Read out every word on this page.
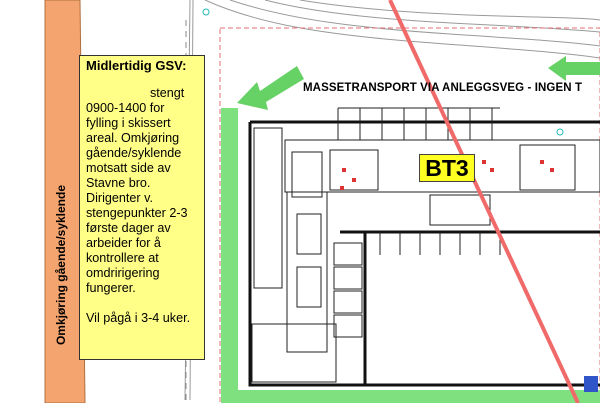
Omkjøring gående/syklende
MASSETRANSPORT VIA ANLEGGSVEG - INGEN T
BT3
Midlertidig GSV:
stengt
0900-1400 for
fylling i skissert
areal. Omkjøring
gående/syklende
motsatt side av
Stavne bro.
Dirigenter v.
stengepunkter 2-3
første dager av
arbeider for å
kontrollere at
omdririgering
fungerer.
Vil pågå i 3-4 uker.
